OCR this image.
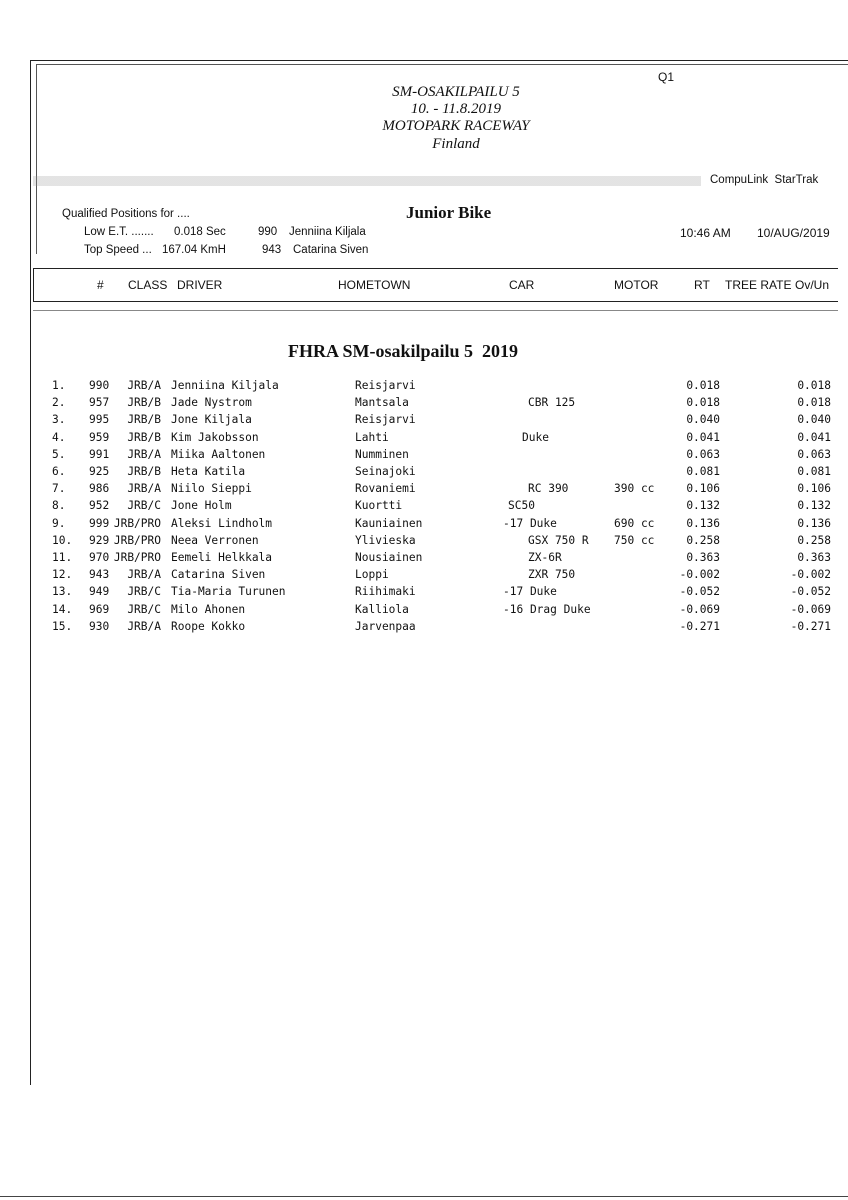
Q1
SM-OSAKILPAILU 5
10. - 11.8.2019
MOTOPARK RACEWAY
Finland
CompuLink  StarTrak
Qualified Positions for ....	Junior Bike
Low E.T. ....... 0.018 Sec	990 Jenniina Kiljala
Top Speed ... 167.04 KmH	943 Catarina Siven
10:46 AM 10/AUG/2019
# CLASS DRIVER	HOMETOWN	CAR	MOTOR	RT TREE RATE Ov/Un
FHRA SM-osakilpailu 5  2019
1. 990	JRB/A Jenniina Kiljala	Reisjarvi	0.018	0.018
2. 957	JRB/B Jade Nystrom	Mantsala	CBR 125	0.018	0.018
3. 995	JRB/B Jone Kiljala	Reisjarvi	0.040	0.040
4. 959	JRB/B Kim Jakobsson	Lahti	Duke	0.041	0.041
5. 991	JRB/A Miika Aaltonen	Numminen	0.063	0.063
6. 925	JRB/B Heta Katila	Seinajoki	0.081	0.081
7. 986	JRB/A Niilo Sieppi	Rovaniemi	RC 390	390 cc	0.106	0.106
8. 952	JRB/C Jone Holm	Kuortti	SC50	0.132	0.132
9. 999 JRB/PRO Aleksi Lindholm	Kauniainen	-17 Duke	690 cc	0.136	0.136
10. 929 JRB/PRO Neea Verronen	Ylivieska	GSX 750 R 750 cc	0.258	0.258
11. 970 JRB/PRO Eemeli Helkkala	Nousiainen	ZX-6R	0.363	0.363
12. 943	JRB/A Catarina Siven	Loppi	ZXR 750	-0.002	-0.002
13. 949	JRB/C Tia-Maria Turunen	Riihimaki	-17 Duke	-0.052	-0.052
14. 969	JRB/C Milo Ahonen	Kalliola	-16 Drag Duke	-0.069	-0.069
15. 930	JRB/A Roope Kokko	Jarvenpaa	-0.271	-0.271
